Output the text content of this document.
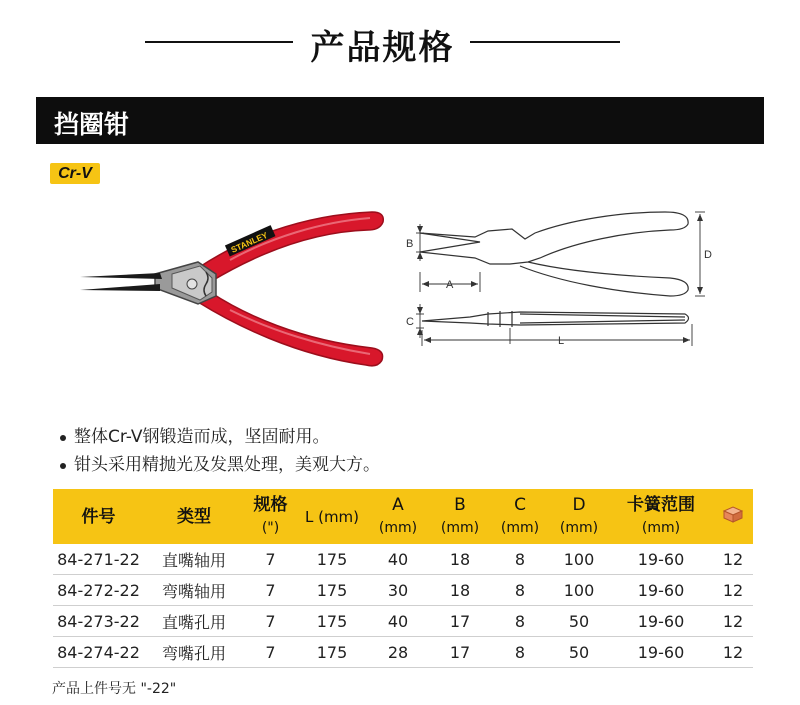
产品规格
挡圈钳
Cr-V
STANLEY	B
A
D
C
L
整体Cr-V钢锻造而成，坚固耐用。
钳头采用精抛光及发黑处理，美观大方。
件号	类型	规格
(")	L (mm)	A
(mm)	B
(mm)	C
(mm)	D
(mm)	卡簧范围
(mm)	
84-271-22	直嘴轴用	7	175	40	18	8	100	19-60	12
84-272-22	弯嘴轴用	7	175	30	18	8	100	19-60	12
84-273-22	直嘴孔用	7	175	40	17	8	50	19-60	12
84-274-22	弯嘴孔用	7	175	28	17	8	50	19-60	12
产品上件号无 "-22"
